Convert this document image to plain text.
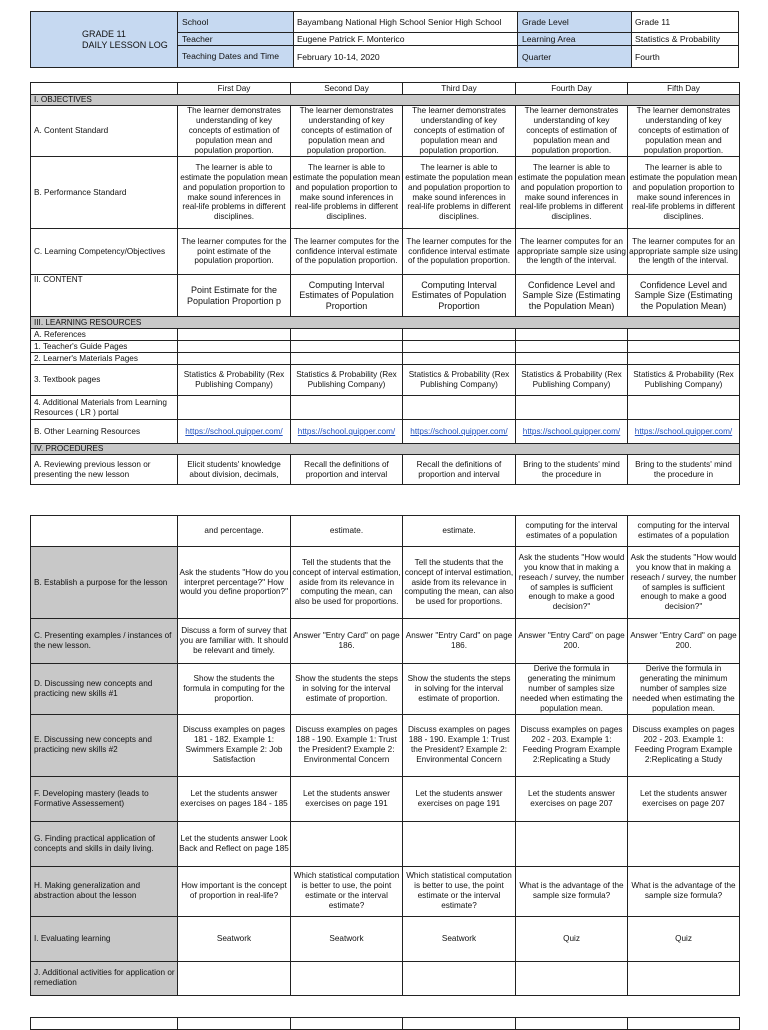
GRADE 11
DAILY LESSON LOG	School	Bayambang National High School Senior High School	Grade Level	Grade 11
	Teacher	Eugene Patrick F. Monterico	Learning Area	Statistics & Probability
	Teaching Dates and Time	February 10-14, 2020	Quarter	Fourth
	First Day	Second Day	Third Day	Fourth Day	Fifth Day
I. OBJECTIVES					
A. Content Standard	The learner demonstrates understanding of key concepts of estimation of population mean and population proportion.	The learner demonstrates understanding of key concepts of estimation of population mean and population proportion.	The learner demonstrates understanding of key concepts of estimation of population mean and population proportion.	The learner demonstrates understanding of key concepts of estimation of population mean and population proportion.	The learner demonstrates understanding of key concepts of estimation of population mean and population proportion.
B. Performance Standard	The learner is able to estimate the population mean and population proportion to make sound inferences in real-life problems in different disciplines.	The learner is able to estimate the population mean and population proportion to make sound inferences in real-life problems in different disciplines.	The learner is able to estimate the population mean and population proportion to make sound inferences in real-life problems in different disciplines.	The learner is able to estimate the population mean and population proportion to make sound inferences in real-life problems in different disciplines.	The learner is able to estimate the population mean and population proportion to make sound inferences in real-life problems in different disciplines.
C. Learning Competency/Objectives	The learner computes for the point estimate of the population proportion.	The learner computes for the confidence interval estimate of the population proportion.	The learner computes for the confidence interval estimate of the population proportion.	The learner computes for an appropriate sample size using the length of the interval.	The learner computes for an appropriate sample size using the length of the interval.
II. CONTENT	Point Estimate for the Population Proportion p	Computing Interval Estimates of Population Proportion	Computing Interval Estimates of Population Proportion	Confidence Level and Sample Size (Estimating the Population Mean)	Confidence Level and Sample Size (Estimating the Population Mean)
III. LEARNING RESOURCES					
A. References					
1. Teacher's Guide Pages					
2. Learner's Materials Pages					
3. Textbook pages	Statistics & Probability (Rex Publishing Company)	Statistics & Probability (Rex Publishing Company)	Statistics & Probability (Rex Publishing Company)	Statistics & Probability (Rex Publishing Company)	Statistics & Probability (Rex Publishing Company)
4. Additional Materials from Learning Resources ( LR ) portal					
B. Other Learning Resources	https://school.quipper.com/	https://school.quipper.com/	https://school.quipper.com/	https://school.quipper.com/	https://school.quipper.com/
IV. PROCEDURES					
A. Reviewing previous lesson or presenting the new lesson	Elicit students' knowledge about division, decimals,	Recall the definitions of proportion and interval	Recall the definitions of proportion and interval	Bring to the students' mind the procedure in	Bring to the students' mind the procedure in
	and percentage.	estimate.	estimate.	computing for the interval estimates of a population	computing for the interval estimates of a population
B. Establish a purpose for the lesson	Ask the students "How do you interpret percentage?" How would you define proportion?"	Tell the students that the concept of interval estimation, aside from its relevance in computing the mean, can also be used for proportions.	Tell the students that the concept of interval estimation, aside from its relevance in computing the mean, can also be used for proportions.	Ask the students "How would you know that in making a reseach / survey, the number of samples is sufficient enough to make a good decision?"	Ask the students "How would you know that in making a reseach / survey, the number of samples is sufficient enough to make a good decision?"
C. Presenting examples / instances of the new lesson.	Discuss a form of survey that you are familiar with. It should be relevant and timely.	Answer "Entry Card" on page 186.	Answer "Entry Card" on page 186.	Answer "Entry Card" on page 200.	Answer "Entry Card" on page 200.
D. Discussing new concepts and practicing new skills #1	Show the students the formula in computing for the proportion.	Show the students the steps in solving for the interval estimate of proportion.	Show the students the steps in solving for the interval estimate of proportion.	Derive the formula in generating the minimum number of samples size needed when estimating the population mean.	Derive the formula in generating the minimum number of samples size needed when estimating the population mean.
E. Discussing new concepts and practicing new skills #2	Discuss examples on pages 181 - 182. Example 1: Swimmers Example 2: Job Satisfaction	Discuss examples on pages 188 - 190. Example 1: Trust the President? Example 2: Environmental Concern	Discuss examples on pages 188 - 190. Example 1: Trust the President? Example 2: Environmental Concern	Discuss examples on pages 202 - 203. Example 1: Feeding Program Example 2:Replicating a Study	Discuss examples on pages 202 - 203. Example 1: Feeding Program Example 2:Replicating a Study
F. Developing mastery (leads to Formative Assessement)	Let the students answer exercises on pages 184 - 185	Let the students answer exercises on page 191	Let the students answer exercises on page 191	Let the students answer exercises on page 207	Let the students answer exercises on page 207
G. Finding practical application of concepts and skills in daily living.	Let the students answer Look Back and Reflect on page 185				
H. Making generalization and abstraction about the lesson	How important is the concept of proportion in real-life?	Which statistical computation is better to use, the point estimate or the interval estimate?	Which statistical computation is better to use, the point estimate or the interval estimate?	What is the advantage of the sample size formula?	What is the advantage of the sample size formula?
I. Evaluating learning	Seatwork	Seatwork	Seatwork	Quiz	Quiz
J. Additional activities for application or remediation					
